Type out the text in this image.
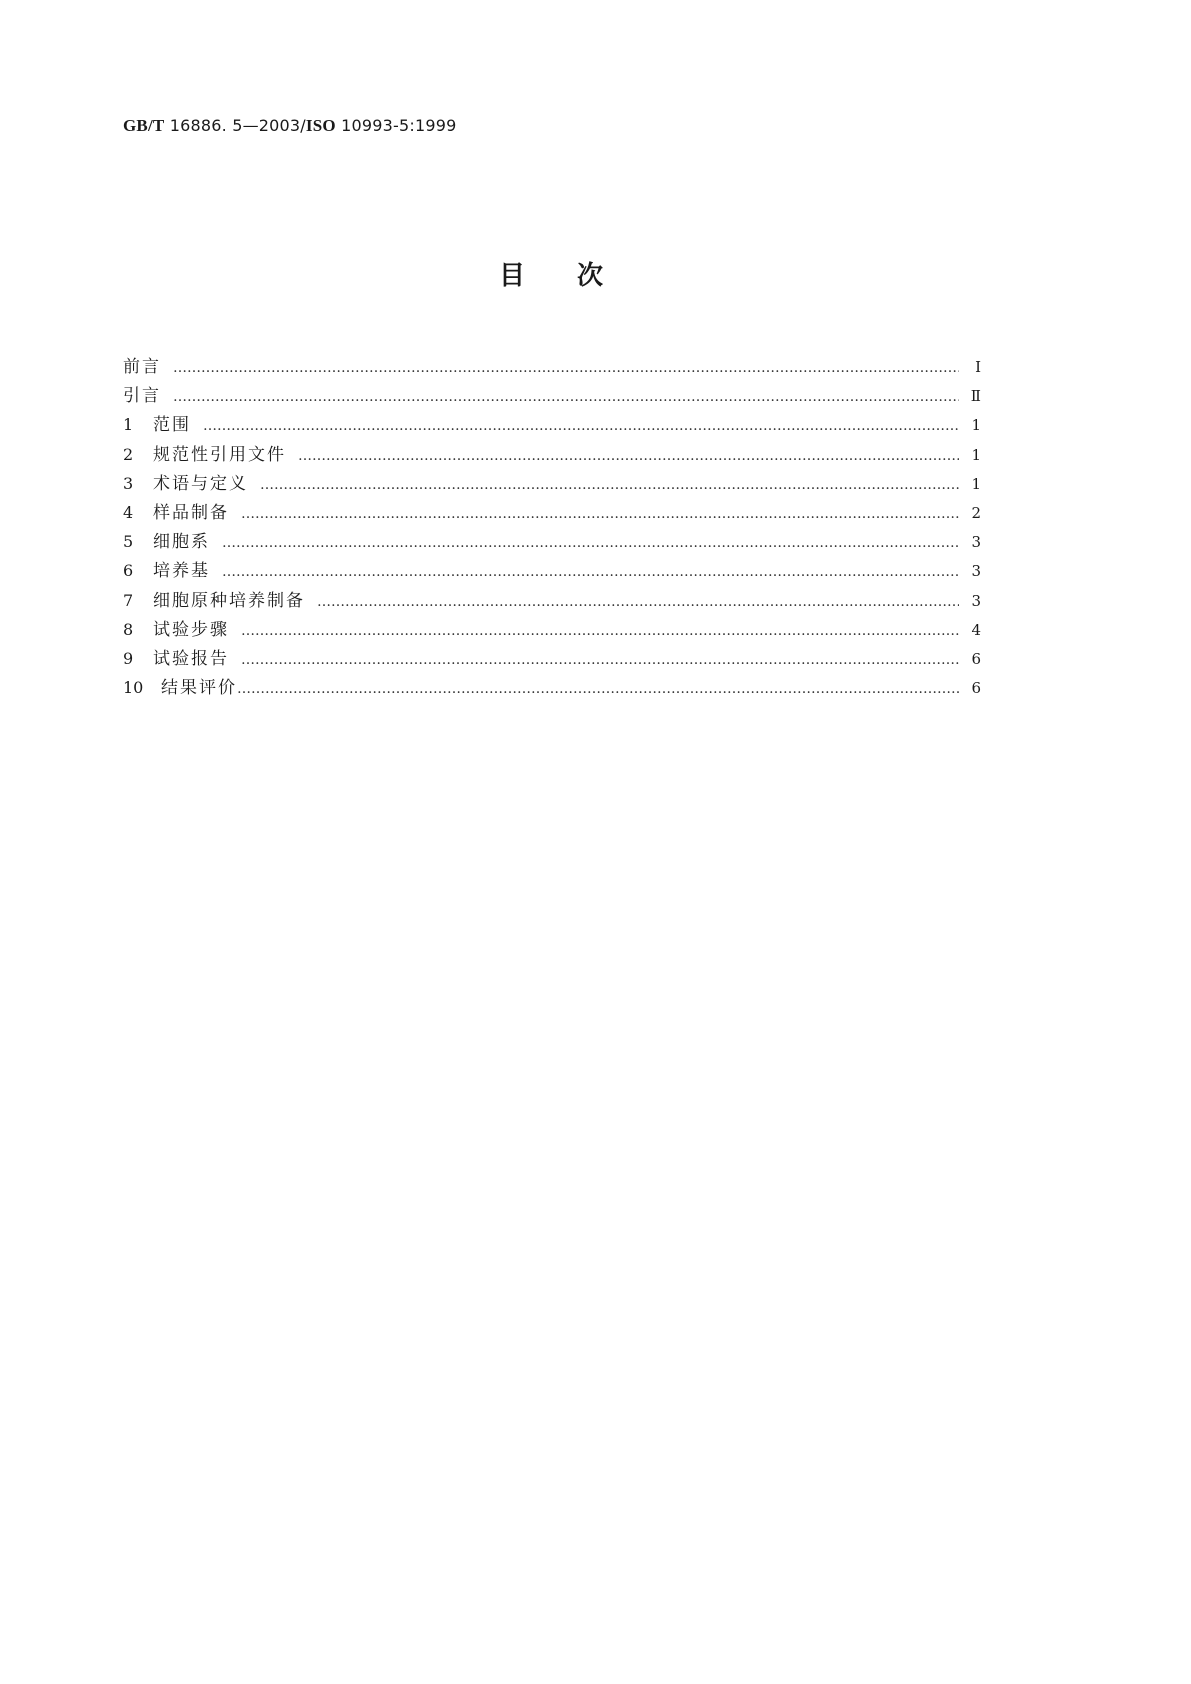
GB/T 16886. 5—2003/ISO 10993-5:1999
目 次
前言 …………………………………………………………………………………………………………………………………………………………………………………………………………	Ⅰ
引言 …………………………………………………………………………………………………………………………………………………………………………………………………………	Ⅱ
1	范围 …………………………………………………………………………………………………………………………………………………………………………………………………………	1
2	规范性引用文件 …………………………………………………………………………………………………………………………………………………………………………………………………………	1
3	术语与定义 …………………………………………………………………………………………………………………………………………………………………………………………………………	1
4	样品制备 …………………………………………………………………………………………………………………………………………………………………………………………………………	2
5	细胞系 …………………………………………………………………………………………………………………………………………………………………………………………………………	3
6	培养基 …………………………………………………………………………………………………………………………………………………………………………………………………………	3
7	细胞原种培养制备 …………………………………………………………………………………………………………………………………………………………………………………………………………	3
8	试验步骤 …………………………………………………………………………………………………………………………………………………………………………………………………………	4
9	试验报告 …………………………………………………………………………………………………………………………………………………………………………………………………………	6
10	结果评价 …………………………………………………………………………………………………………………………………………………………………………………………………………	6
